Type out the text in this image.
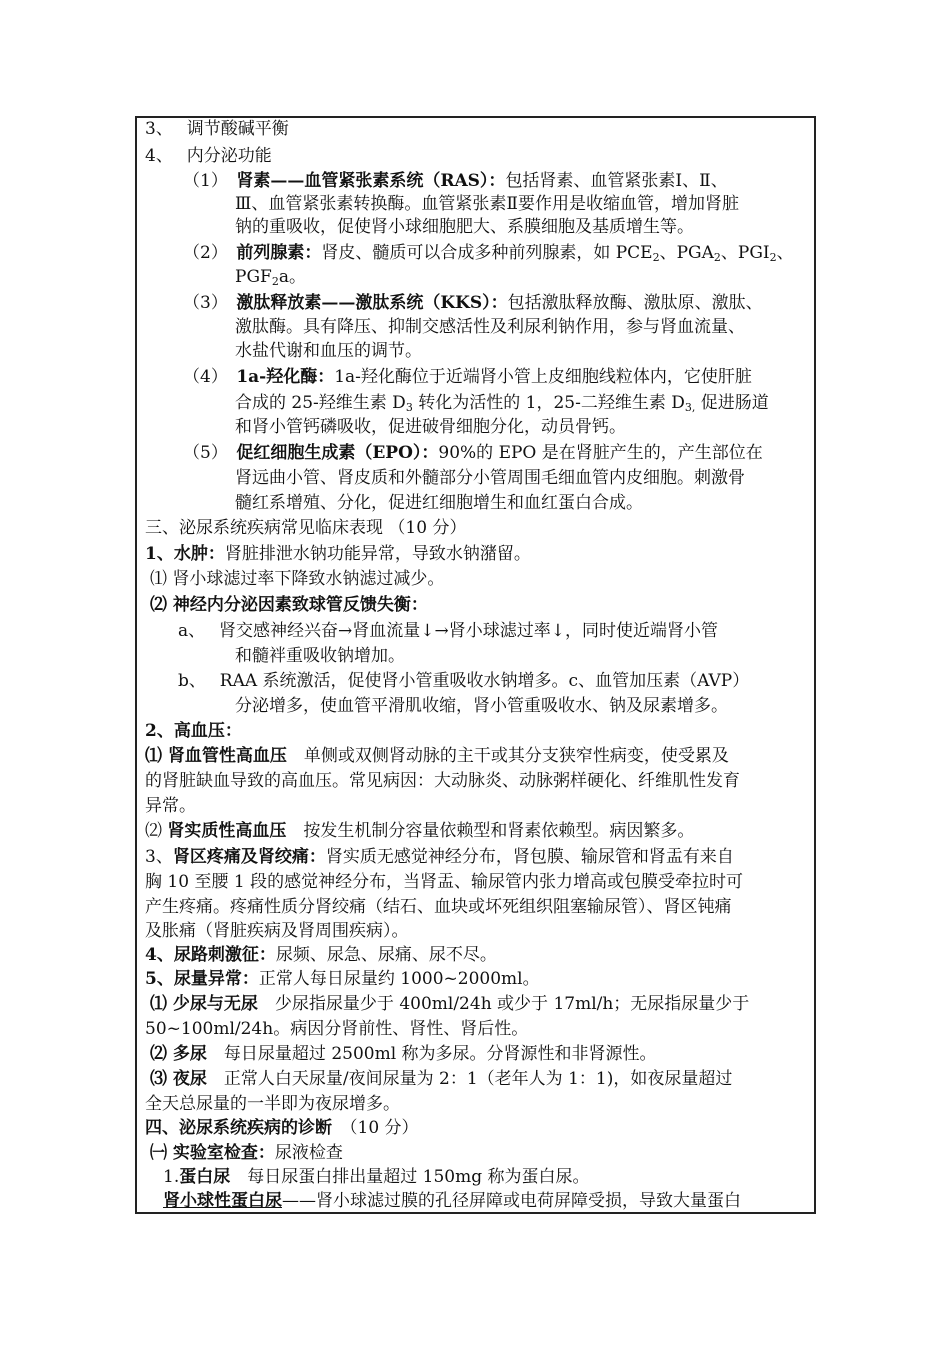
3、　 调节酸碱平衡
4、　 内分泌功能
（1）　肾素——血管紧张素系统（RAS）：包括肾素、血管紧张素Ⅰ、Ⅱ、
Ⅲ、血管紧张素转换酶。血管紧张素Ⅱ要作用是收缩血管，增加肾脏
钠的重吸收，促使肾小球细胞肥大、系膜细胞及基质增生等。
（2）　前列腺素：肾皮、髓质可以合成多种前列腺素，如 $PCE_2$、$PGA_2$、$PGI_2$、
$PGF_2a$。
（3）　激肽释放素——激肽系统（KKS）：包括激肽释放酶、激肽原、激肽、
激肽酶。具有降压、抑制交感活性及利尿利钠作用，参与肾血流量、
水盐代谢和血压的调节。
（4）　1a-羟化酶：1a-羟化酶位于近端肾小管上皮细胞线粒体内，它使肝脏
合成的 25-羟维生素 $D_3$ 转化为活性的 1，25-二羟维生素 $D_{3,}$ 促进肠道
和肾小管钙磷吸收，促进破骨细胞分化，动员骨钙。
（5）　促红细胞生成素（EPO）：90%的 EPO 是在肾脏产生的，产生部位在
肾远曲小管、肾皮质和外髓部分小管周围毛细血管内皮细胞。刺激骨
髓红系增殖、分化，促进红细胞增生和血红蛋白合成。
三、泌尿系统疾病常见临床表现 （10 分）
1、水肿：肾脏排泄水钠功能异常，导致水钠潴留。
⑴ 肾小球滤过率下降致水钠滤过减少。
⑵ 神经内分泌因素致球管反馈失衡：
a、　 肾交感神经兴奋→肾血流量↓→肾小球滤过率↓，同时使近端肾小管
和髓袢重吸收钠增加。
b、　 RAA 系统激活，促使肾小管重吸收水钠增多。c、血管加压素（AVP）
分泌增多，使血管平滑肌收缩，肾小管重吸收水、钠及尿素增多。
2、高血压：
⑴ 肾血管性高血压　单侧或双侧肾动脉的主干或其分支狭窄性病变，使受累及
的肾脏缺血导致的高血压。常见病因：大动脉炎、动脉粥样硬化、纤维肌性发育
异常。
⑵ 肾实质性高血压　按发生机制分容量依赖型和肾素依赖型。病因繁多。
3、肾区疼痛及肾绞痛：肾实质无感觉神经分布，肾包膜、输尿管和肾盂有来自
胸 10 至腰 1 段的感觉神经分布，当肾盂、输尿管内张力增高或包膜受牵拉时可
产生疼痛。疼痛性质分肾绞痛（结石、血块或坏死组织阻塞输尿管）、肾区钝痛
及胀痛（肾脏疾病及肾周围疾病）。
4、尿路刺激征：尿频、尿急、尿痛、尿不尽。
5、尿量异常：正常人每日尿量约 1000~2000ml。
⑴ 少尿与无尿　少尿指尿量少于 400ml/24h 或少于 17ml/h；无尿指尿量少于
50~100ml/24h。病因分肾前性、肾性、肾后性。
⑵ 多尿　每日尿量超过 2500ml 称为多尿。分肾源性和非肾源性。
⑶ 夜尿　正常人白天尿量/夜间尿量为 2：1（老年人为 1：1)，如夜尿量超过
全天总尿量的一半即为夜尿增多。
四、泌尿系统疾病的诊断　（10 分）
㈠ 实验室检查：尿液检查
1.蛋白尿　每日尿蛋白排出量超过 150mg 称为蛋白尿。
肾小球性蛋白尿——肾小球滤过膜的孔径屏障或电荷屏障受损，导致大量蛋白
